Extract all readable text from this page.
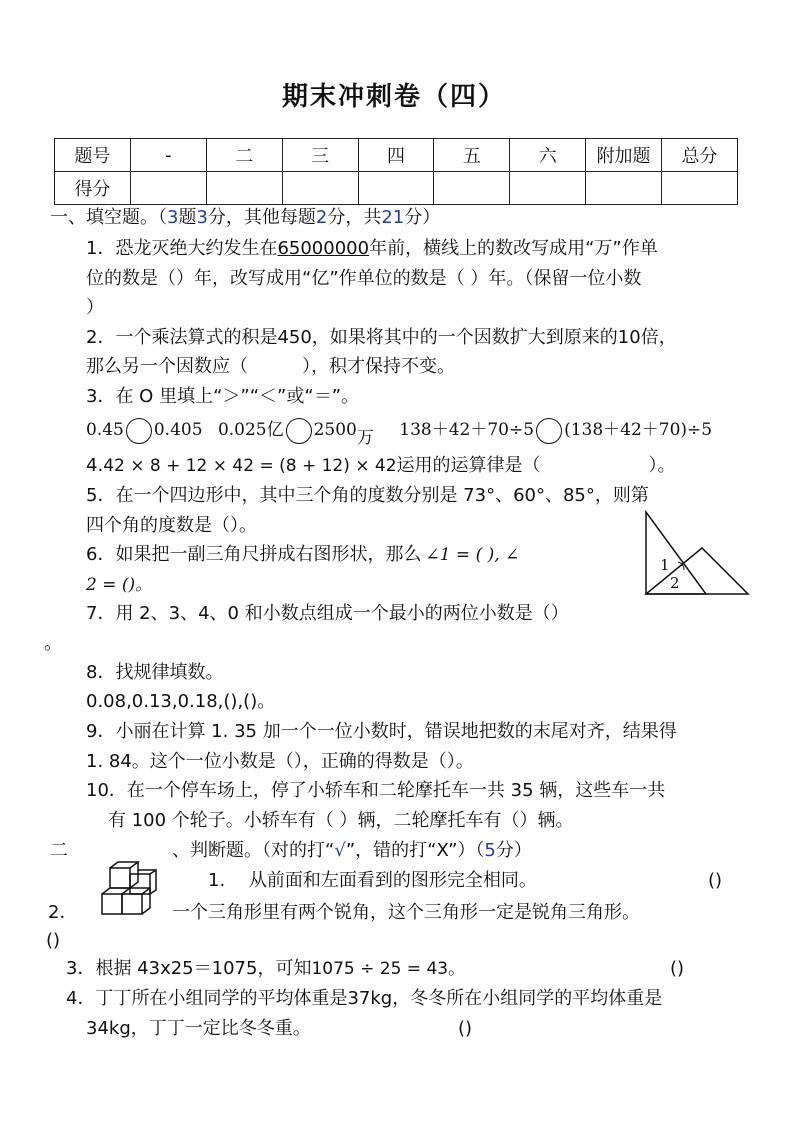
期末冲刺卷（四）
题号	-	二	三	四	五	六	附加题	总分
得分								
一、填空题。（3题3分，其他每题2分，共21分）
1．恐龙灭绝大约发生在65000000年前，横线上的数改写成用“万”作单
位的数是（）年，改写成用“亿”作单位的数是（ ）年。（保留一位小数
）
2．一个乘法算式的积是450，如果将其中的一个因数扩大到原来的10倍，
那么另一个因数应（　　　），积才保持不变。
3．在 O 里填上“＞”“＜”或“＝”。
0.45 0.405 0.025亿 2500万 138＋42＋70÷5 (138＋42＋70)÷5
4.42 × 8 + 12 × 42 = (8 + 12) × 42运用的运算律是（　　　　　　）。
5．在一个四边形中，其中三个角的度数分别是 73°、60°、85°，则第
四个角的度数是（）。
6．如果把一副三角尺拼成右图形状，那么 ∠1 = ( ), ∠
2 = ()。
1
2
7．用 2、3、4、0 和小数点组成一个最小的两位小数是（）
。
8．找规律填数。
0.08,0.13,0.18,(),()。
9．小丽在计算 1. 35 加一个一位小数时，错误地把数的末尾对齐，结果得
1. 84。这个一位小数是（），正确的得数是（）。
10．在一个停车场上，停了小轿车和二轮摩托车一共 35 辆，这些车一共
有 100 个轮子。小轿车有（ ）辆，二轮摩托车有（）辆。
二	、判断题。（对的打“√”，错的打“X”）（5分）
1.　 从前面和左面看到的图形完全相同。	()
2．	一个三角形里有两个锐角，这个三角形一定是锐角三角形。
()
3．根据 43x25＝1075，可知1075 ÷ 25 = 43。	()
4．丁丁所在小组同学的平均体重是37kg，冬冬所在小组同学的平均体重是
34kg，丁丁一定比冬冬重。	()
